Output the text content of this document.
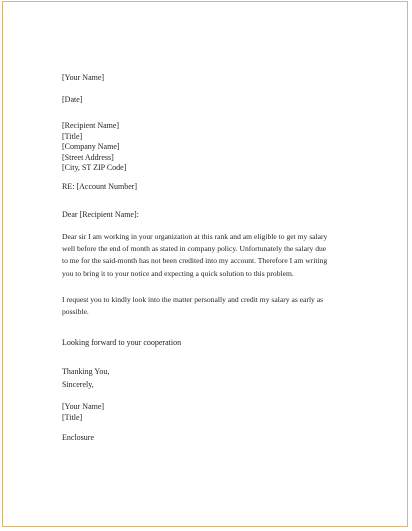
[Your Name]
[Date]
[Recipient Name]
[Title]
[Company Name]
[Street Address]
[City, ST ZIP Code]
RE: [Account Number]
Dear [Recipient Name]:
Dear sir I am working in your organization at this rank and am eligible to get my salary
well before the end of month as stated in company policy. Unfortunately the salary due
to me for the said-month has not been credited into my account. Therefore I am writing
you to bring it to your notice and expecting a quick solution to this problem.
I request you to kindly look into the matter personally and credit my salary as early as
possible.
Looking forward to your cooperation
Thanking You,
Sincerely,
[Your Name]
[Title]
Enclosure
